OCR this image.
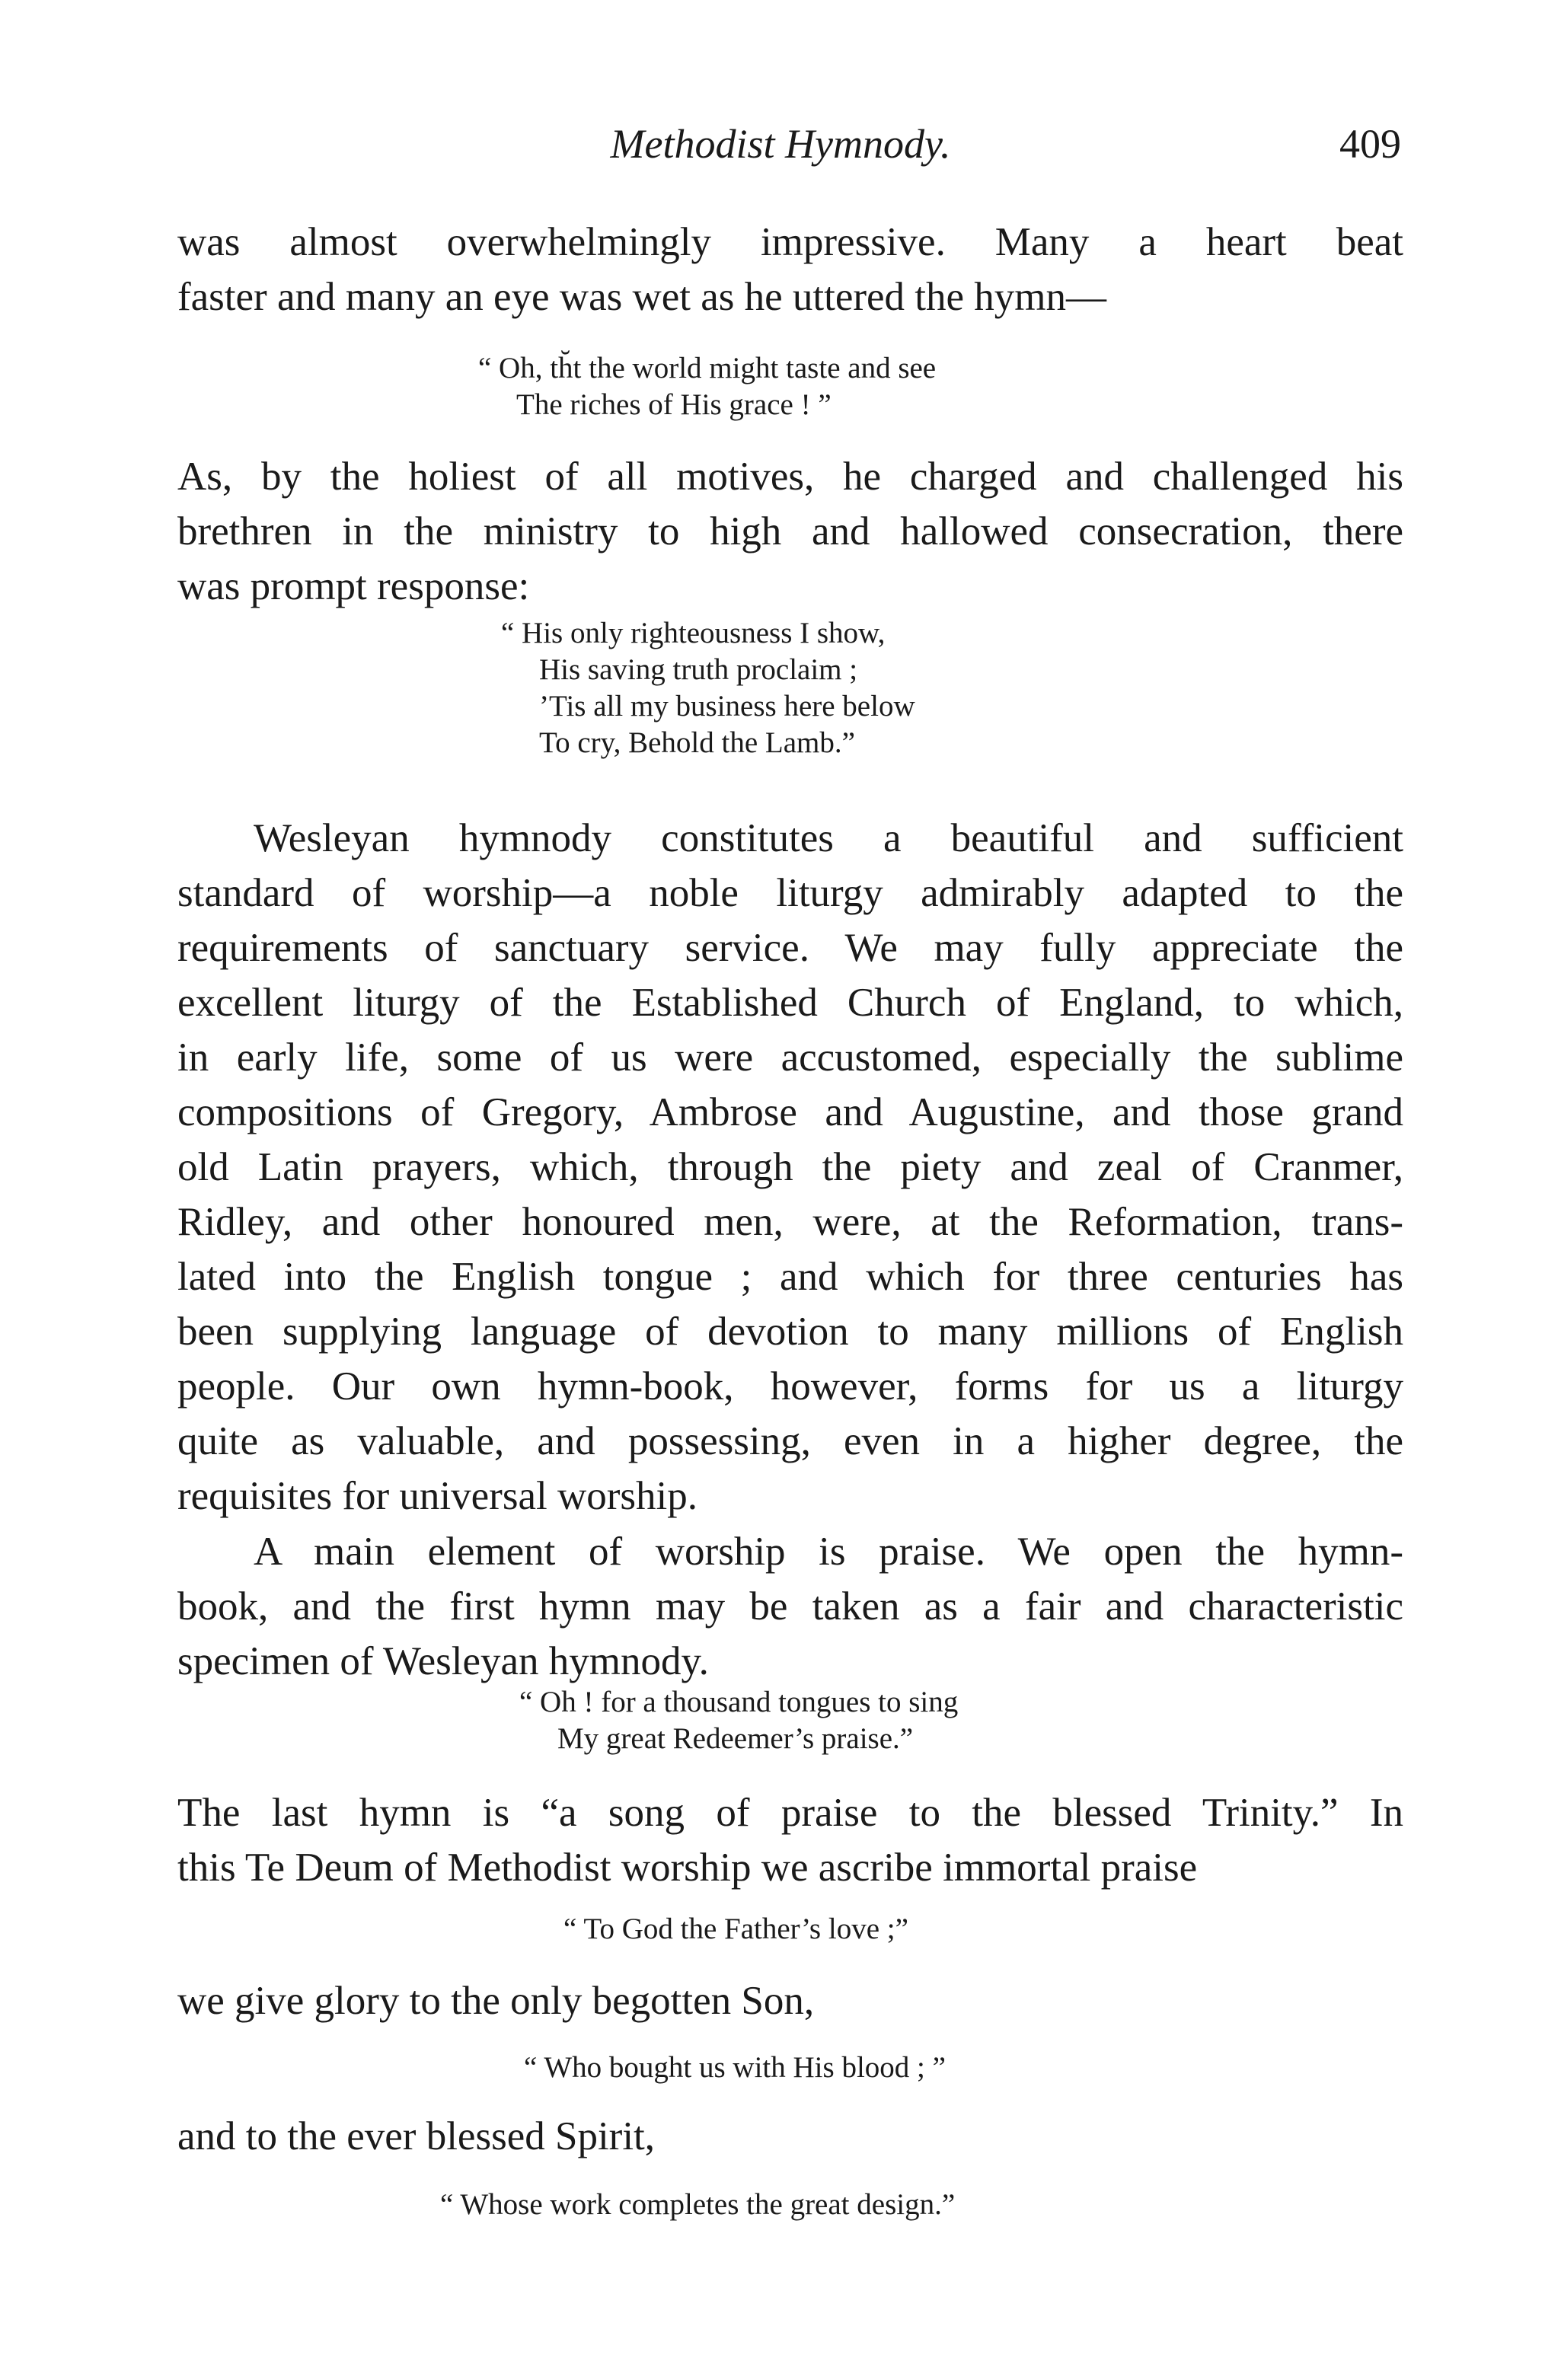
Methodist Hymnody.	409
was almost overwhelmingly impressive. Many a heart beat
faster and many an eye was wet as he uttered the hymn—
“ Oh, th̆t the world might taste and see
The riches of His grace ! ”
As, by the holiest of all motives, he charged and challenged his
brethren in the ministry to high and hallowed consecration, there
was prompt response:
“ His only righteousness I show,
His saving truth proclaim ;
’Tis all my business here below
To cry, Behold the Lamb.”
Wesleyan hymnody constitutes a beautiful and sufficient
standard of worship—a noble liturgy admirably adapted to the
requirements of sanctuary service. We may fully appreciate the
excellent liturgy of the Established Church of England, to which,
in early life, some of us were accustomed, especially the sublime
compositions of Gregory, Ambrose and Augustine, and those grand
old Latin prayers, which, through the piety and zeal of Cranmer,
Ridley, and other honoured men, were, at the Reformation, trans-
lated into the English tongue ; and which for three centuries has
been supplying language of devotion to many millions of English
people. Our own hymn-book, however, forms for us a liturgy
quite as valuable, and possessing, even in a higher degree, the
requisites for universal worship.
A main element of worship is praise. We open the hymn-
book, and the first hymn may be taken as a fair and characteristic
specimen of Wesleyan hymnody.
“ Oh ! for a thousand tongues to sing
My great Redeemer’s praise.”
The last hymn is “a song of praise to the blessed Trinity.” In
this Te Deum of Methodist worship we ascribe immortal praise
“ To God the Father’s love ;”
we give glory to the only begotten Son,
“ Who bought us with His blood ; ”
and to the ever blessed Spirit,
“ Whose work completes the great design.”
